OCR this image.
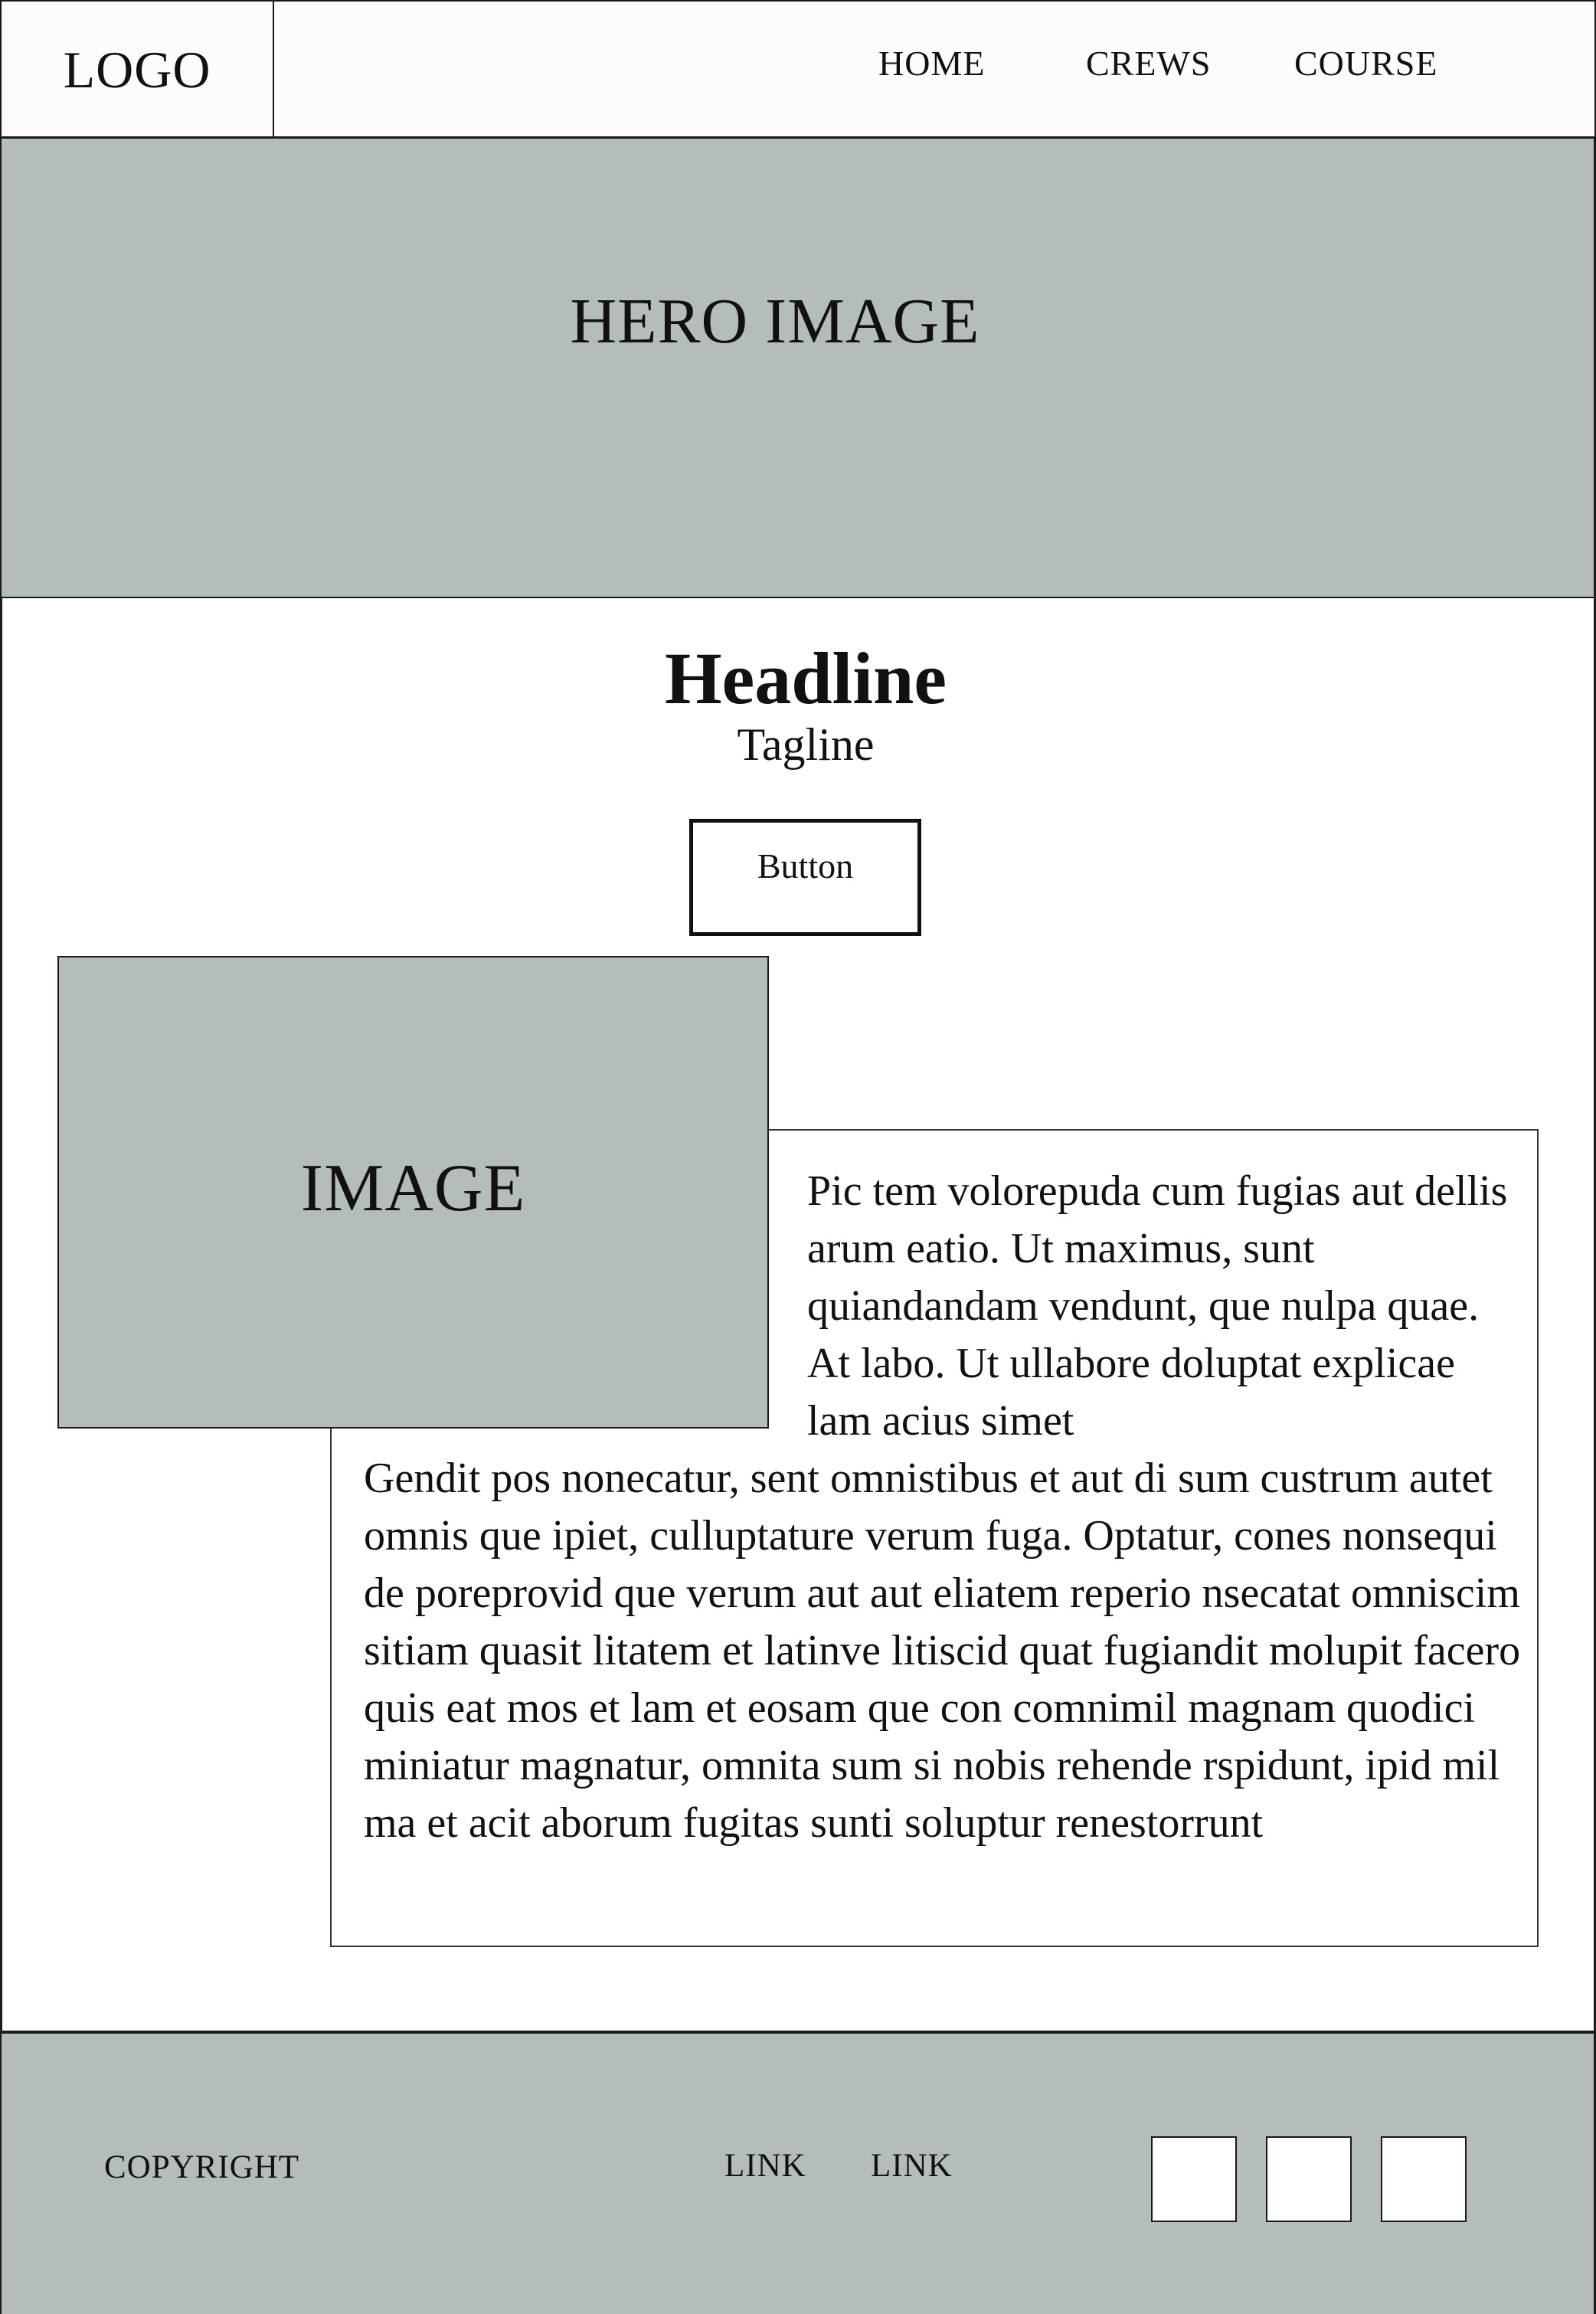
LOGO	HOME	CREWS COURSE
HERO IMAGE
Headline
Tagline
Button

Pic tem volorepuda cum fugias aut dellis arum eatio. Ut maximus, sunt quiandandam vendunt, que nulpa quae. At labo. Ut ullabore doluptat explicae lam acius simet

Gendit pos nonecatur, sent omnistibus et aut di sum custrum autet omnis que ipiet, culluptature verum fuga. Optatur, cones nonsequi de poreprovid que verum aut aut eliatem reperio nsecatat omniscim sitiam quasit litatem et latinve litiscid quat fugiandit molupit facero quis eat mos et lam et eosam que con comnimil magnam quodici miniatur magnatur, omnita sum si nobis rehende rspidunt, ipid mil ma et acit aborum fugitas sunti soluptur renestorrunt

IMAGE
COPYRIGHT	LINK LINK
